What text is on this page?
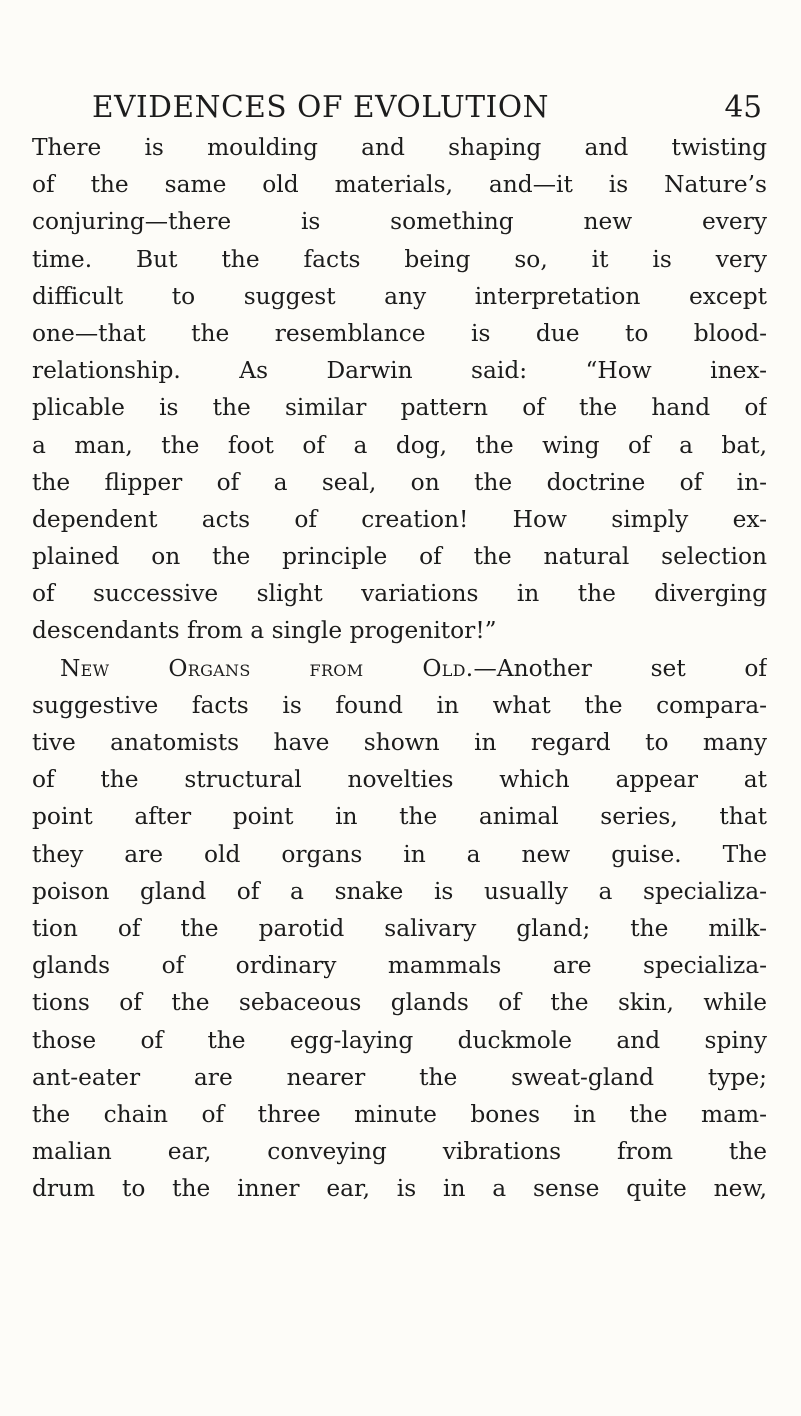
EVIDENCES OF EVOLUTION	45
There is moulding and shaping and twisting
of the same old materials, and—it is Nature’s
conjuring—there is something new every
time. But the facts being so, it is very
difficult to suggest any interpretation except
one—that the resemblance is due to blood-
relationship. As Darwin said: “How inex-
plicable is the similar pattern of the hand of
a man, the foot of a dog, the wing of a bat,
the flipper of a seal, on the doctrine of in-
dependent acts of creation! How simply ex-
plained on the principle of the natural selection
of successive slight variations in the diverging
descendants from a single progenitor!”
New Organs from Old.—Another set of
suggestive facts is found in what the compara-
tive anatomists have shown in regard to many
of the structural novelties which appear at
point after point in the animal series, that
they are old organs in a new guise. The
poison gland of a snake is usually a specializa-
tion of the parotid salivary gland; the milk-
glands of ordinary mammals are specializa-
tions of the sebaceous glands of the skin, while
those of the egg-laying duckmole and spiny
ant-eater are nearer the sweat-gland type;
the chain of three minute bones in the mam-
malian ear, conveying vibrations from the
drum to the inner ear, is in a sense quite new,
